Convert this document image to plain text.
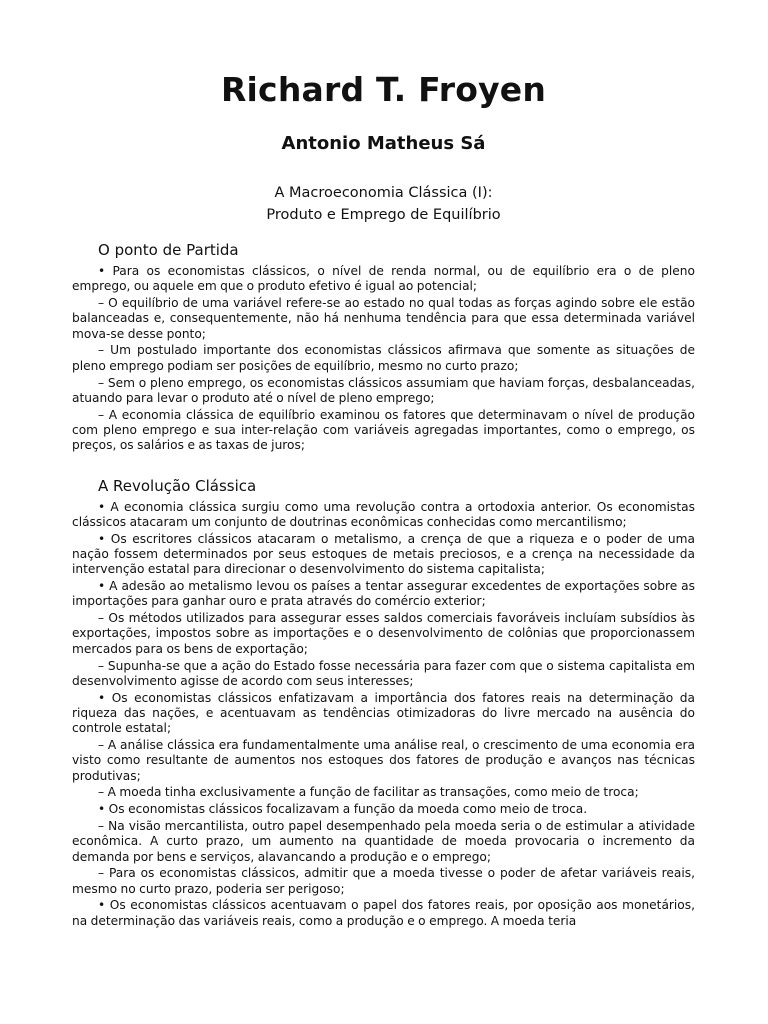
Richard T. Froyen
Antonio Matheus Sá
A Macroeconomia Clássica (I):
Produto e Emprego de Equilíbrio
O ponto de Partida

• Para os economistas clássicos, o nível de renda normal, ou de equilíbrio era o de pleno emprego, ou aquele em que o produto efetivo é igual ao potencial;

– O equilíbrio de uma variável refere-se ao estado no qual todas as forças agindo sobre ele estão balanceadas e, consequentemente, não há nenhuma tendência para que essa determinada variável mova-se desse ponto;

– Um postulado importante dos economistas clássicos afirmava que somente as situações de pleno emprego podiam ser posições de equilíbrio, mesmo no curto prazo;

– Sem o pleno emprego, os economistas clássicos assumiam que haviam forças, desbalanceadas, atuando para levar o produto até o nível de pleno emprego;

– A economia clássica de equilíbrio examinou os fatores que determinavam o nível de produção com pleno emprego e sua inter-relação com variáveis agregadas importantes, como o emprego, os preços, os salários e as taxas de juros;

A Revolução Clássica

• A economia clássica surgiu como uma revolução contra a ortodoxia anterior. Os economistas clássicos atacaram um conjunto de doutrinas econômicas conhecidas como mercantilismo;

• Os escritores clássicos atacaram o metalismo, a crença de que a riqueza e o poder de uma nação fossem determinados por seus estoques de metais preciosos, e a crença na necessidade da intervenção estatal para direcionar o desenvolvimento do sistema capitalista;

• A adesão ao metalismo levou os países a tentar assegurar excedentes de exportações sobre as importações para ganhar ouro e prata através do comércio exterior;

– Os métodos utilizados para assegurar esses saldos comerciais favoráveis incluíam subsídios às exportações, impostos sobre as importações e o desenvolvimento de colônias que proporcionassem mercados para os bens de exportação;

– Supunha-se que a ação do Estado fosse necessária para fazer com que o sistema capitalista em desenvolvimento agisse de acordo com seus interesses;

• Os economistas clássicos enfatizavam a importância dos fatores reais na determinação da riqueza das nações, e acentuavam as tendências otimizadoras do livre mercado na ausência do controle estatal;

– A análise clássica era fundamentalmente uma análise real, o crescimento de uma economia era visto como resultante de aumentos nos estoques dos fatores de produção e avanços nas técnicas produtivas;

– A moeda tinha exclusivamente a função de facilitar as transações, como meio de troca;

• Os economistas clássicos focalizavam a função da moeda como meio de troca.

– Na visão mercantilista, outro papel desempenhado pela moeda seria o de estimular a atividade econômica. A curto prazo, um aumento na quantidade de moeda provocaria o incremento da demanda por bens e serviços, alavancando a produção e o emprego;

– Para os economistas clássicos, admitir que a moeda tivesse o poder de afetar variáveis reais, mesmo no curto prazo, poderia ser perigoso;

• Os economistas clássicos acentuavam o papel dos fatores reais, por oposição aos monetários, na determinação das variáveis reais, como a produção e o emprego. A moeda teria
